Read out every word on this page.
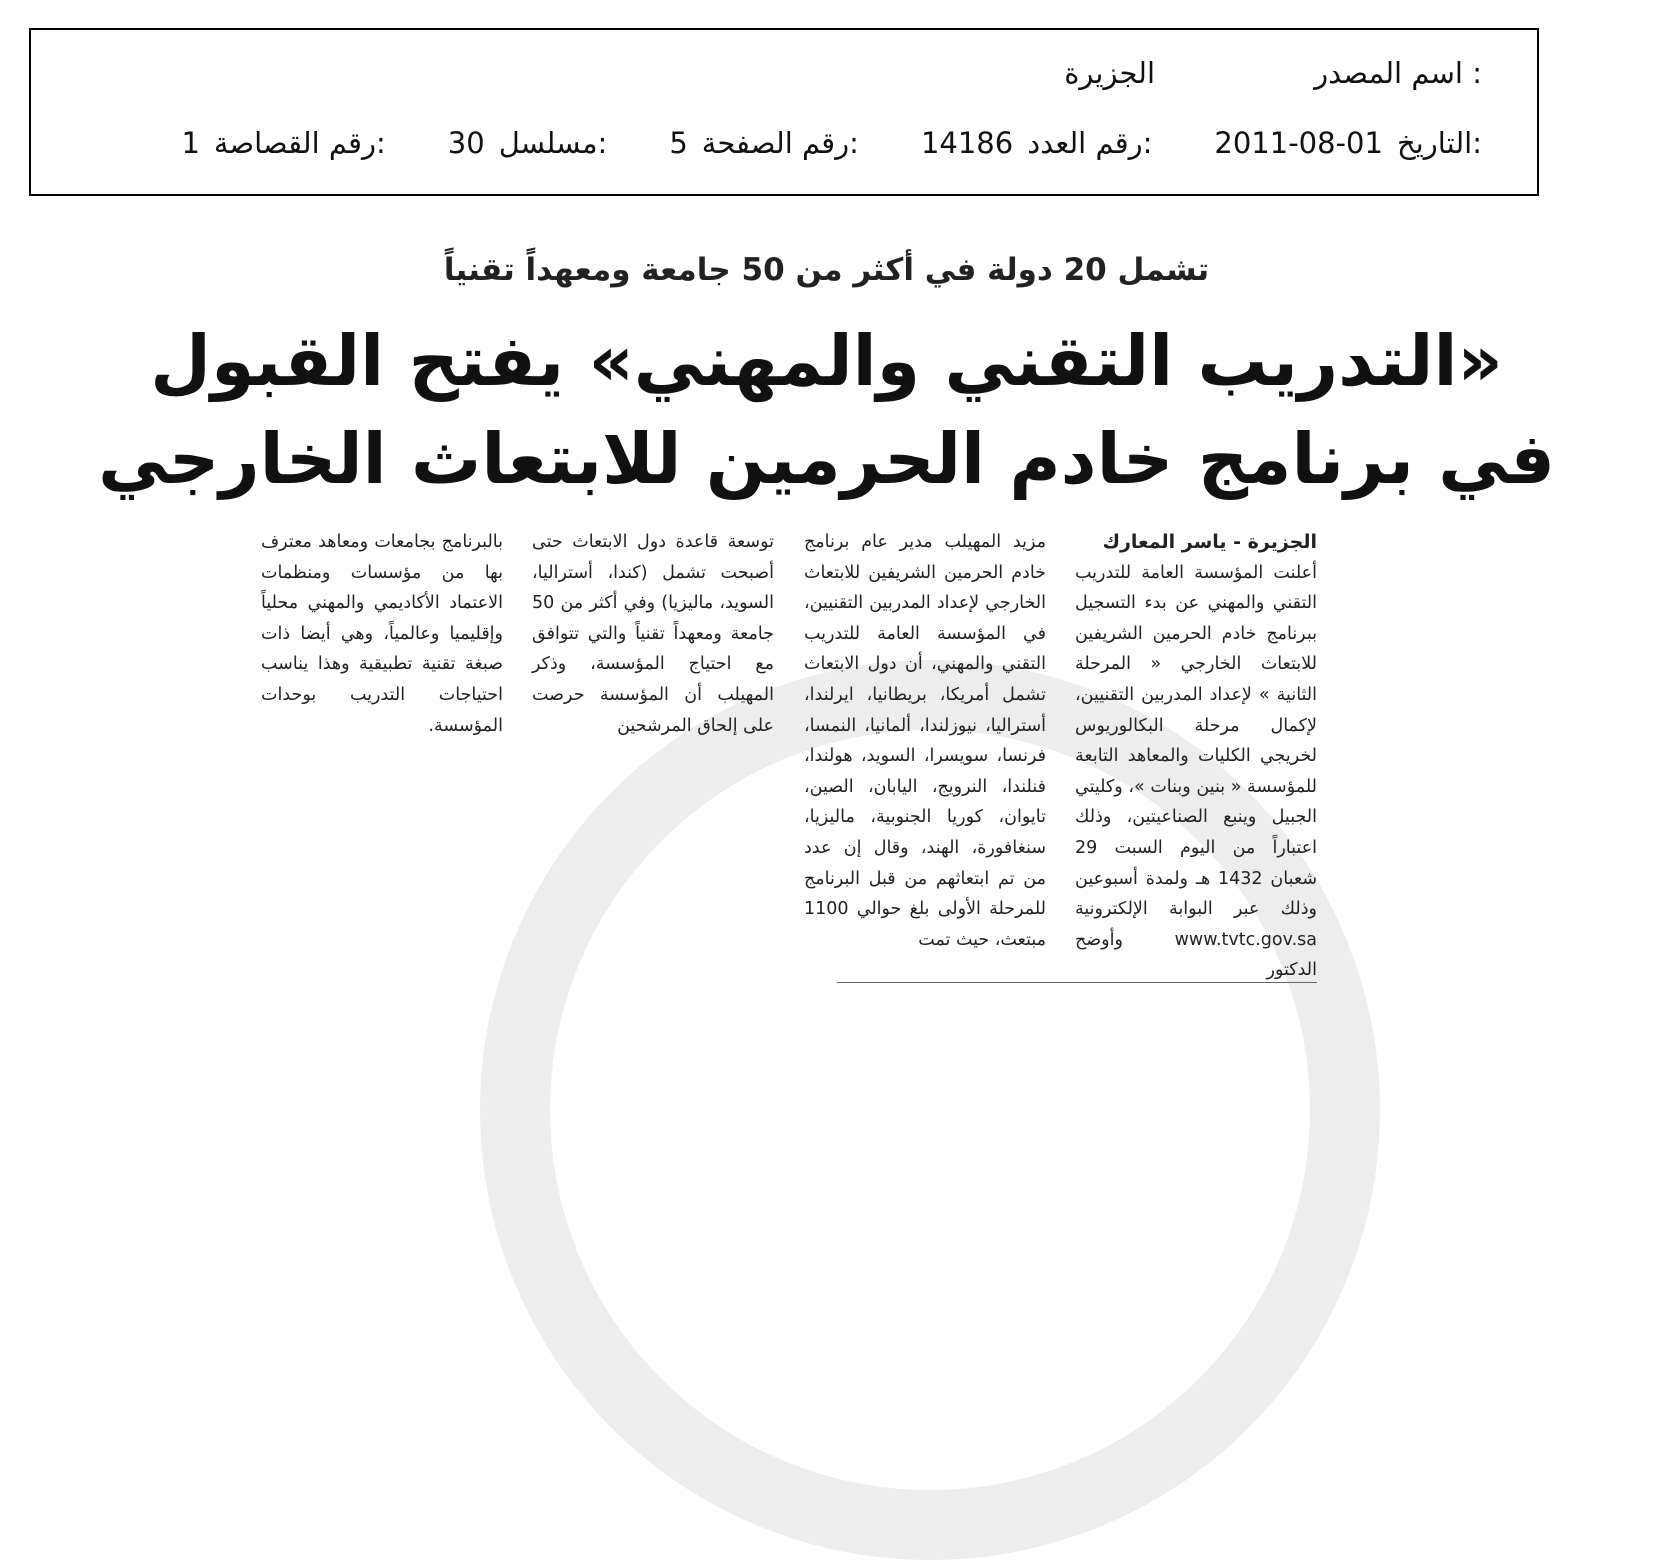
اسم المصدر :
الجزيرة
التاريخ:
2011-08-01
رقم العدد:
14186
رقم الصفحة:
5
مسلسل:
30
رقم القصاصة:
1
تشمل 20 دولة في أكثر من 50 جامعة ومعهداً تقنياً
«التدريب التقني والمهني» يفتح القبول
في برنامج خادم الحرمين للابتعاث الخارجي
الجزيرة - ياسر المعارك
أعلنت المؤسسة العامة للتدريب التقني والمهني عن بدء التسجيل ببرنامج خادم الحرمين الشريفين للابتعاث الخارجي « المرحلة الثانية » لإعداد المدربين التقنيين، لإكمال مرحلة البكالوريوس لخريجي الكليات والمعاهد التابعة للمؤسسة « بنين وبنات »، وكليتي الجبيل وينبع الصناعيتين، وذلك اعتباراً من اليوم السبت 29 شعبان 1432 هـ ولمدة أسبوعين وذلك عبر البوابة الإلكترونية www.tvtc.gov.sa وأوضح الدكتور
مزيد المهيلب مدير عام برنامج خادم الحرمين الشريفين للابتعاث الخارجي لإعداد المدربين التقنيين، في المؤسسة العامة للتدريب التقني والمهني، أن دول الابتعاث تشمل أمريكا، بريطانيا، ايرلندا، أستراليا، نيوزلندا، ألمانيا، النمسا، فرنسا، سويسرا، السويد، هولندا، فنلندا، النرويج، اليابان، الصين، تايوان، كوريا الجنوبية، ماليزيا، سنغافورة، الهند، وقال إن عدد من تم ابتعاثهم من قبل البرنامج للمرحلة الأولى بلغ حوالي 1100 مبتعث، حيث تمت
توسعة قاعدة دول الابتعاث حتى أصبحت تشمل (كندا، أستراليا، السويد، ماليزيا) وفي أكثر من 50 جامعة ومعهداً تقنياً والتي تتوافق مع احتياج المؤسسة، وذكر المهيلب أن المؤسسة حرصت على إلحاق المرشحين
بالبرنامج بجامعات ومعاهد معترف بها من مؤسسات ومنظمات الاعتماد الأكاديمي والمهني محلياً وإقليميا وعالمياً، وهي أيضا ذات صبغة تقنية تطبيقية وهذا يناسب احتياجات التدريب بوحدات المؤسسة.
